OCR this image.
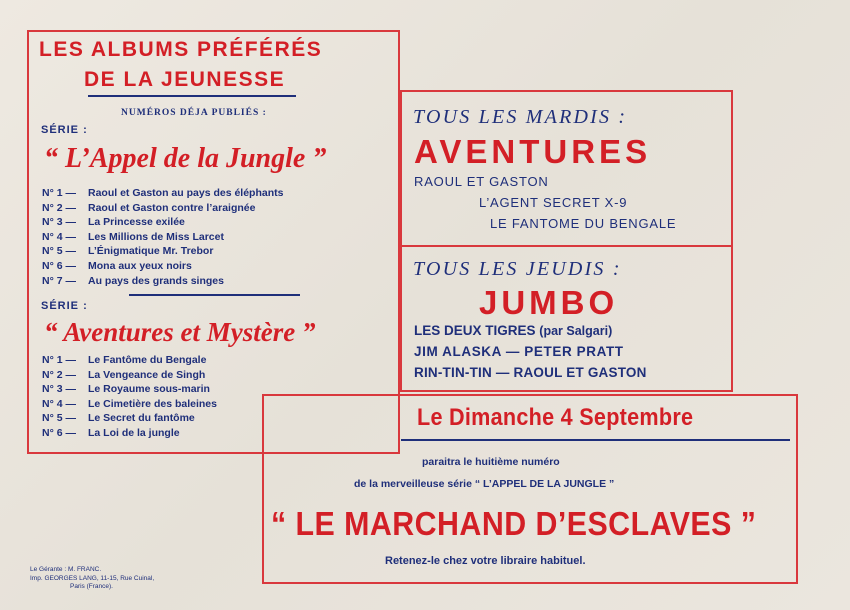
LES ALBUMS PRÉFÉRÉS
DE LA JEUNESSE
NUMÉROS DÉJA PUBLIÉS :
SÉRIE :
“ L’Appel de la Jungle ”
N° 1 — Raoul et Gaston au pays des éléphants
N° 2 — Raoul et Gaston contre l’araignée
N° 3 — La Princesse exilée
N° 4 — Les Millions de Miss Larcet
N° 5 — L’Énigmatique Mr. Trebor
N° 6 — Mona aux yeux noirs
N° 7 — Au pays des grands singes
SÉRIE :
“ Aventures et Mystère ”
N° 1 — Le Fantôme du Bengale
N° 2 — La Vengeance de Singh
N° 3 — Le Royaume sous-marin
N° 4 — Le Cimetière des baleines
N° 5 — Le Secret du fantôme
N° 6 — La Loi de la jungle
TOUS LES MARDIS :
AVENTURES
RAOUL ET GASTON
L’AGENT SECRET X-9
LE FANTOME DU BENGALE
TOUS LES JEUDIS :
JUMBO
LES DEUX TIGRES (par Salgari)
JIM ALASKA — PETER PRATT
RIN-TIN-TIN — RAOUL ET GASTON
Le Dimanche 4 Septembre
paraitra le huitième numéro
de la merveilleuse série “ L’APPEL DE LA JUNGLE ”
“ LE MARCHAND D’ESCLAVES ”
Retenez-le chez votre libraire habituel.
Le Gérante : M. FRANC.
Imp. GEORGES LANG, 11-15, Rue Cuinal,
Paris (France).
